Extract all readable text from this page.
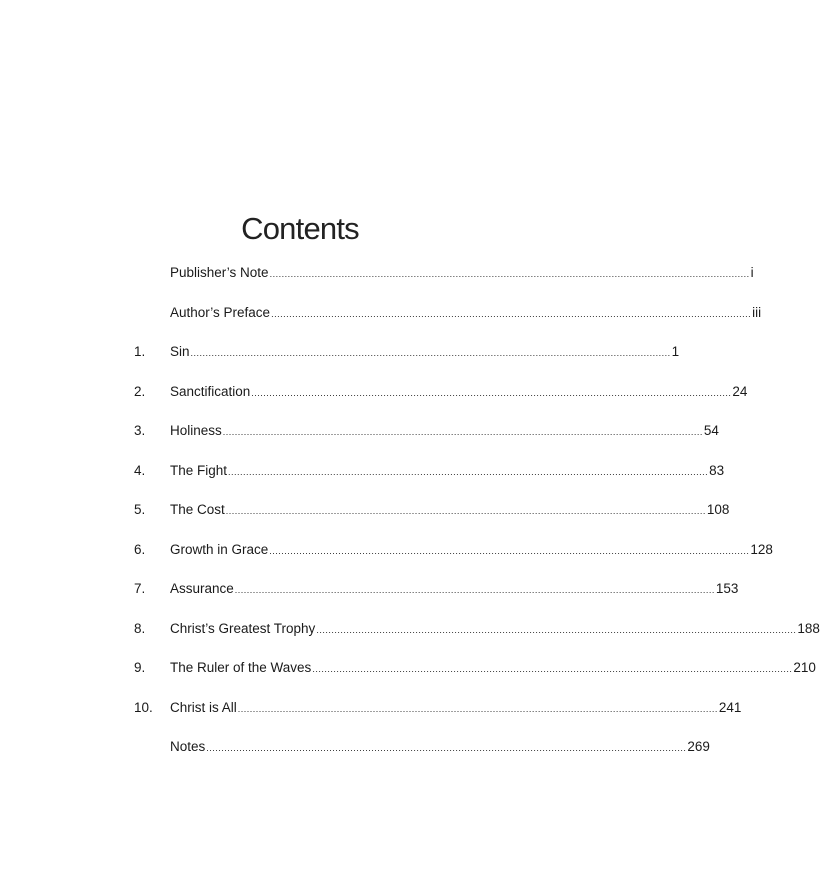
Contents
Publisher’s Note ................................................................................................................................................................ i
Author’s Preface ................................................................................................................................................................ iii
1. Sin ................................................................................................................................................................ 1
2. Sanctification ................................................................................................................................................................ 24
3. Holiness ................................................................................................................................................................ 54
4. The Fight ................................................................................................................................................................ 83
5. The Cost ................................................................................................................................................................ 108
6. Growth in Grace ................................................................................................................................................................ 128
7. Assurance ................................................................................................................................................................ 153
8. Christ’s Greatest Trophy ................................................................................................................................................................ 188
9. The Ruler of the Waves ................................................................................................................................................................ 210
10. Christ is All ................................................................................................................................................................ 241
Notes ................................................................................................................................................................ 269
